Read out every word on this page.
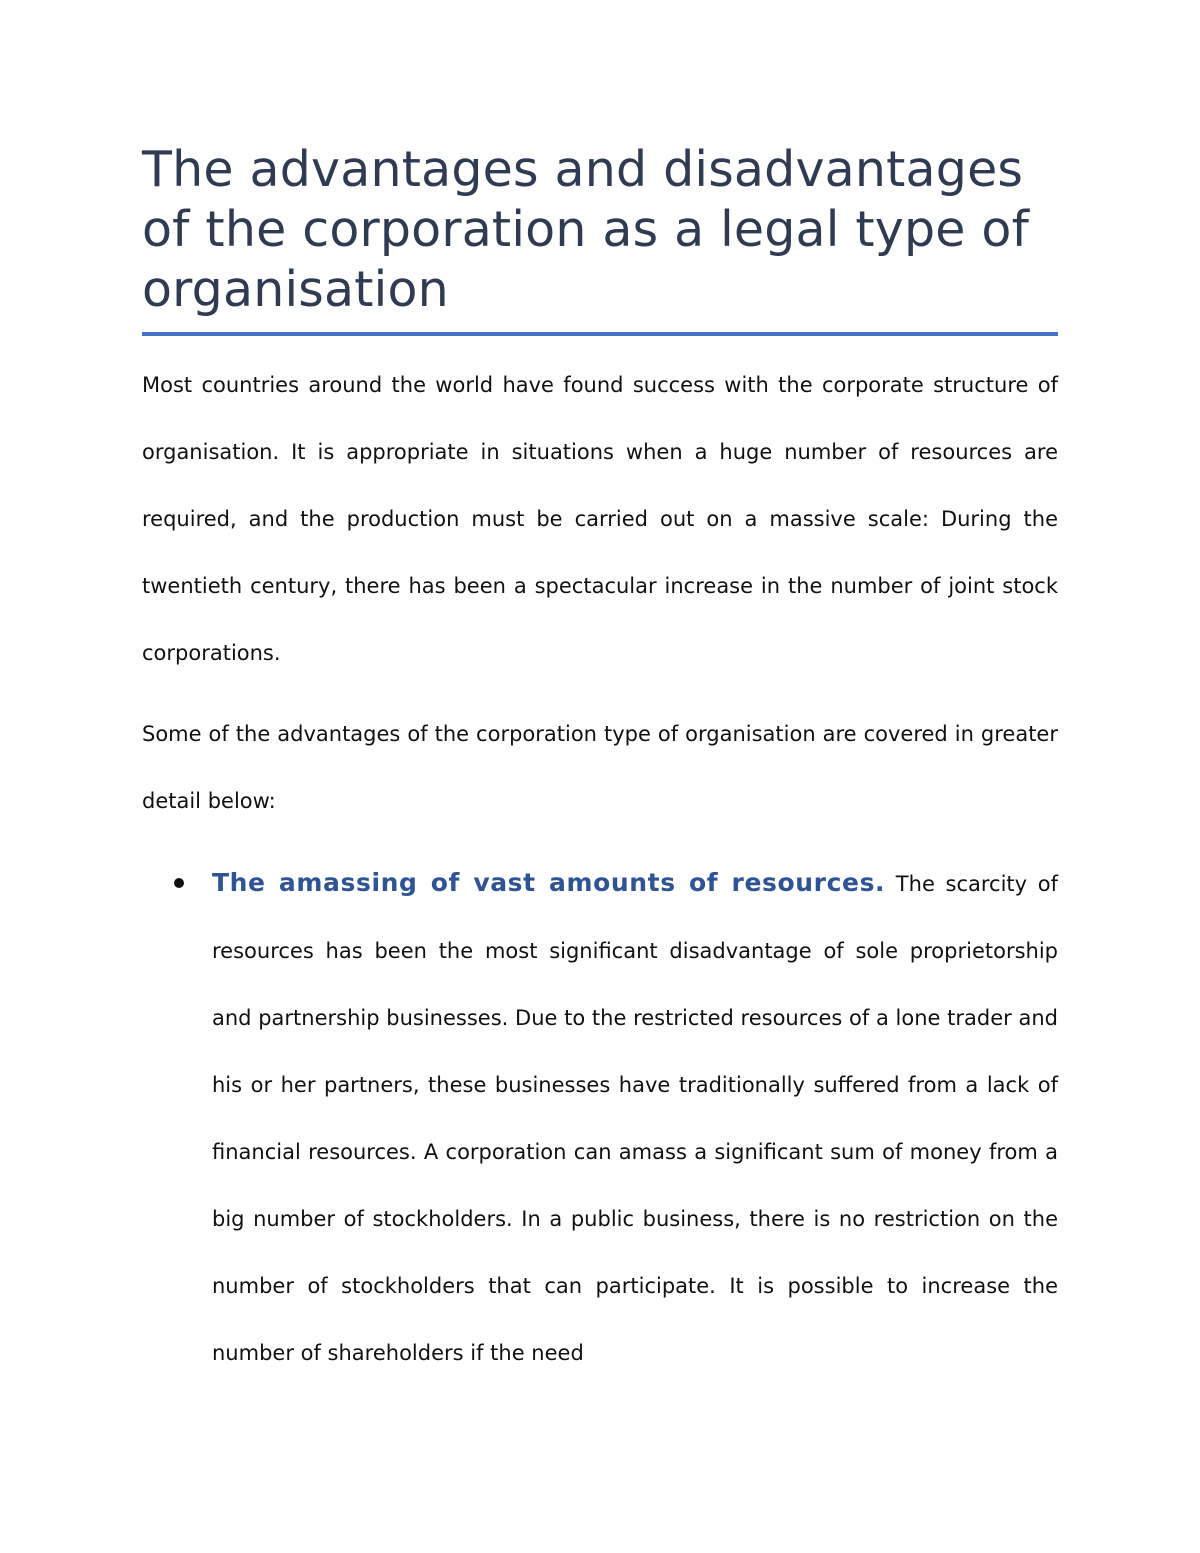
The advantages and disadvantages of the corporation as a legal type of organisation

Most countries around the world have found success with the corporate structure of organisation. It is appropriate in situations when a huge number of resources are required, and the production must be carried out on a massive scale: During the twentieth century, there has been a spectacular increase in the number of joint stock corporations.

Some of the advantages of the corporation type of organisation are covered in greater detail below:

The amassing of vast amounts of resources. The scarcity of resources has been the most significant disadvantage of sole proprietorship and partnership businesses. Due to the restricted resources of a lone trader and his or her partners, these businesses have traditionally suffered from a lack of financial resources. A corporation can amass a significant sum of money from a big number of stockholders. In a public business, there is no restriction on the number of stockholders that can participate. It is possible to increase the number of shareholders if the need
